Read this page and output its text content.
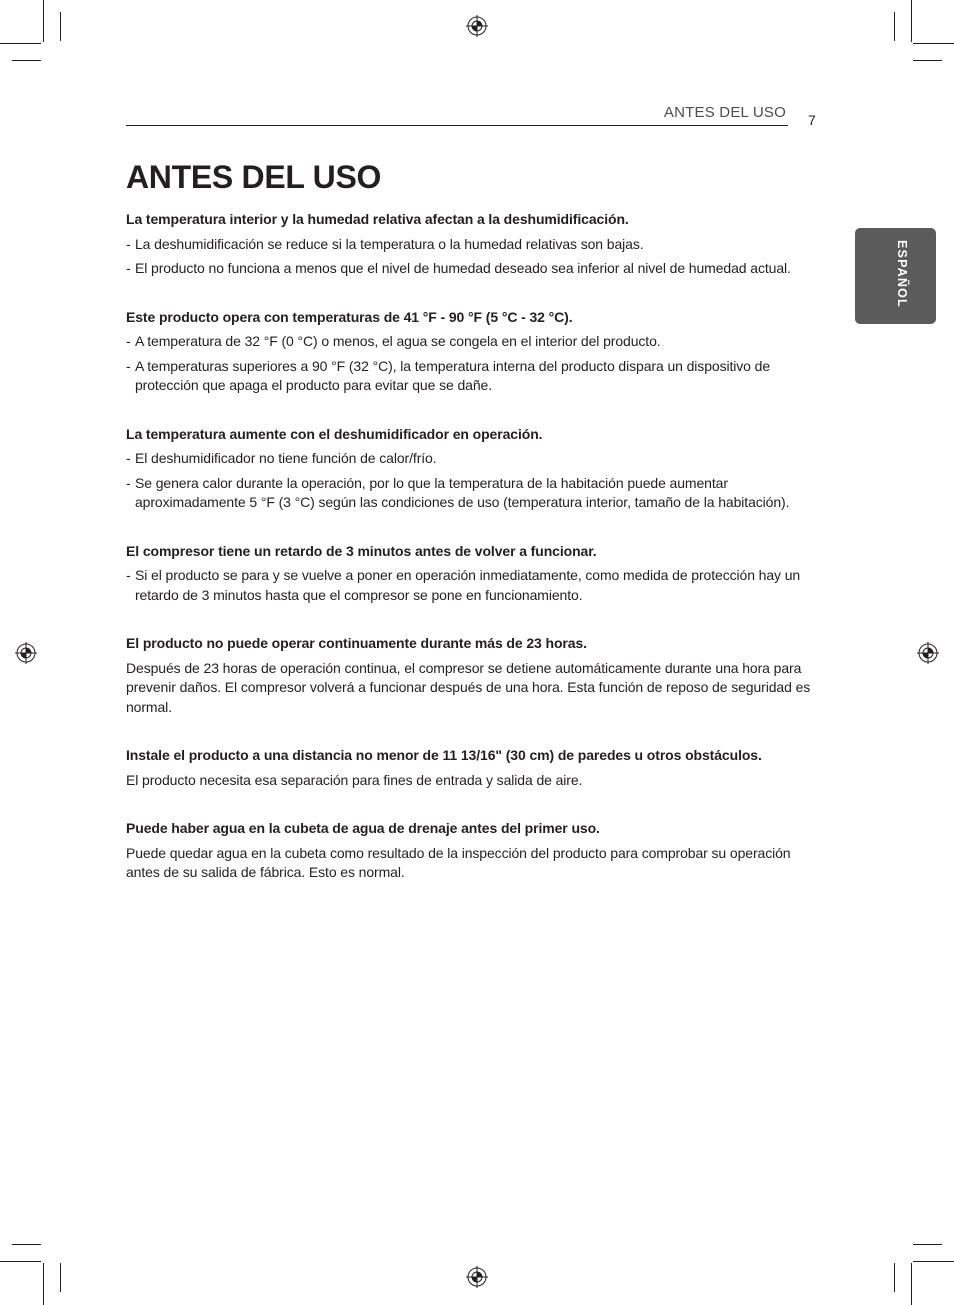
ANTES DEL USO 7
ESPAÑOL
ANTES DEL USO
La temperatura interior y la humedad relativa afectan a la deshumidificación.
- La deshumidificación se reduce si la temperatura o la humedad relativas son bajas.
- El producto no funciona a menos que el nivel de humedad deseado sea inferior al nivel de humedad actual.
Este producto opera con temperaturas de 41 °F - 90 °F (5 °C - 32 °C).
- A temperatura de 32 °F (0 °C) o menos, el agua se congela en el interior del producto.
- A temperaturas superiores a 90 °F (32 °C), la temperatura interna del producto dispara un dispositivo de protección que apaga el producto para evitar que se dañe.
La temperatura aumente con el deshumidificador en operación.
- El deshumidificador no tiene función de calor/frío.
- Se genera calor durante la operación, por lo que la temperatura de la habitación puede aumentar aproximadamente 5 °F (3 °C) según las condiciones de uso (temperatura interior, tamaño de la habitación).
El compresor tiene un retardo de 3 minutos antes de volver a funcionar.
- Si el producto se para y se vuelve a poner en operación inmediatamente, como medida de protección hay un retardo de 3 minutos hasta que el compresor se pone en funcionamiento.
El producto no puede operar continuamente durante más de 23 horas.

Después de 23 horas de operación continua, el compresor se detiene automáticamente durante una hora para prevenir daños. El compresor volverá a funcionar después de una hora. Esta función de reposo de seguridad es normal.

Instale el producto a una distancia no menor de 11 13/16" (30 cm) de paredes u otros obstáculos.

El producto necesita esa separación para fines de entrada y salida de aire.

Puede haber agua en la cubeta de agua de drenaje antes del primer uso.

Puede quedar agua en la cubeta como resultado de la inspección del producto para comprobar su operación antes de su salida de fábrica. Esto es normal.
